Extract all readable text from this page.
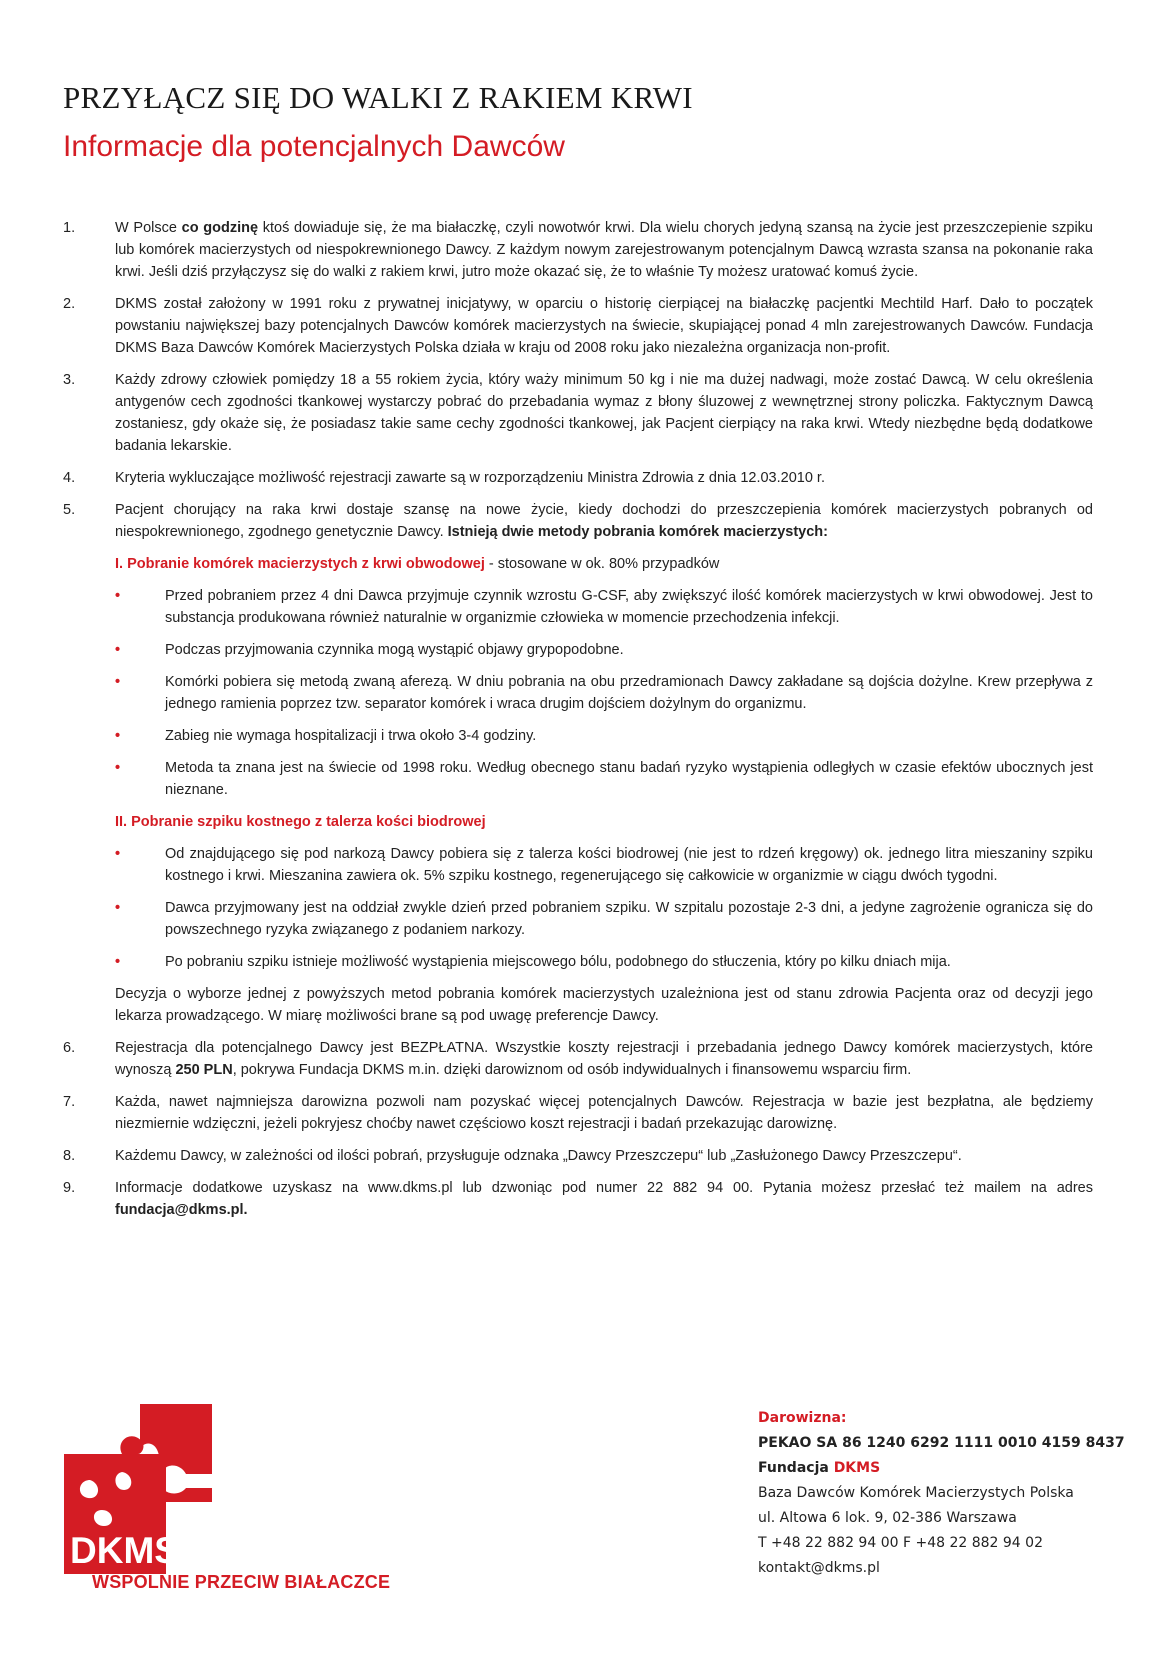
PRZYŁĄCZ SIĘ DO WALKI Z RAKIEM KRWI
Informacje dla potencjalnych Dawców
1.	W Polsce co godzinę ktoś dowiaduje się, że ma białaczkę, czyli nowotwór krwi. Dla wielu chorych jedyną szansą na życie jest przeszczepienie szpiku lub komórek macierzystych od niespokrewnionego Dawcy. Z każdym nowym zarejestrowanym potencjalnym Dawcą wzrasta szansa na pokonanie raka krwi. Jeśli dziś przyłączysz się do walki z rakiem krwi, jutro może okazać się, że to właśnie Ty możesz uratować komuś życie.

2.	DKMS został założony w 1991 roku z prywatnej inicjatywy, w oparciu o historię cierpiącej na białaczkę pacjentki Mechtild Harf. Dało to początek powstaniu największej bazy potencjalnych Dawców komórek macierzystych na świecie, skupiającej ponad 4 mln zarejestrowanych Dawców. Fundacja DKMS Baza Dawców Komórek Macierzystych Polska działa w kraju od 2008 roku jako niezależna organizacja non-profit.

3.	Każdy zdrowy człowiek pomiędzy 18 a 55 rokiem życia, który waży minimum 50 kg i nie ma dużej nadwagi, może zostać Dawcą. W celu określenia antygenów cech zgodności tkankowej wystarczy pobrać do przebadania wymaz z błony śluzowej z wewnętrznej strony policzka. Faktycznym Dawcą zostaniesz, gdy okaże się, że posiadasz takie same cechy zgodności tkankowej, jak Pacjent cierpiący na raka krwi. Wtedy niezbędne będą dodatkowe badania lekarskie.

4.	Kryteria wykluczające możliwość rejestracji zawarte są w rozporządzeniu Ministra Zdrowia z dnia 12.03.2010 r.

5.	Pacjent chorujący na raka krwi dostaje szansę na nowe życie, kiedy dochodzi do przeszczepienia komórek macierzystych pobranych od niespokrewnionego, zgodnego genetycznie Dawcy. Istnieją dwie metody pobrania komórek macierzystych:

I. Pobranie komórek macierzystych z krwi obwodowej - stosowane w ok. 80% przypadków
•	Przed pobraniem przez 4 dni Dawca przyjmuje czynnik wzrostu G-CSF, aby zwiększyć ilość komórek macierzystych w krwi obwodowej. Jest to substancja produkowana również naturalnie w organizmie człowieka w momencie przechodzenia infekcji.
•	Podczas przyjmowania czynnika mogą wystąpić objawy grypopodobne.
•	Komórki pobiera się metodą zwaną aferezą. W dniu pobrania na obu przedramionach Dawcy zakładane są dojścia dożylne. Krew przepływa z jednego ramienia poprzez tzw. separator komórek i wraca drugim dojściem dożylnym do organizmu.
•	Zabieg nie wymaga hospitalizacji i trwa około 3-4 godziny.
•	Metoda ta znana jest na świecie od 1998 roku. Według obecnego stanu badań ryzyko wystąpienia odległych w czasie efektów ubocznych jest nieznane.
II. Pobranie szpiku kostnego z talerza kości biodrowej
•	Od znajdującego się pod narkozą Dawcy pobiera się z talerza kości biodrowej (nie jest to rdzeń kręgowy) ok. jednego litra mieszaniny szpiku kostnego i krwi. Mieszanina zawiera ok. 5% szpiku kostnego, regenerującego się całkowicie w organizmie w ciągu dwóch tygodni.
•	Dawca przyjmowany jest na oddział zwykle dzień przed pobraniem szpiku. W szpitalu pozostaje 2-3 dni, a jedyne zagrożenie ogranicza się do powszechnego ryzyka związanego z podaniem narkozy.
•	Po pobraniu szpiku istnieje możliwość wystąpienia miejscowego bólu, podobnego do stłuczenia, który po kilku dniach mija.

Decyzja o wyborze jednej z powyższych metod pobrania komórek macierzystych uzależniona jest od stanu zdrowia Pacjenta oraz od decyzji jego lekarza prowadzącego. W miarę możliwości brane są pod uwagę preferencje Dawcy.

6.	Rejestracja dla potencjalnego Dawcy jest BEZPŁATNA. Wszystkie koszty rejestracji i przebadania jednego Dawcy komórek macierzystych, które wynoszą 250 PLN, pokrywa Fundacja DKMS m.in. dzięki darowiznom od osób indywidualnych i finansowemu wsparciu firm.

7.	Każda, nawet najmniejsza darowizna pozwoli nam pozyskać więcej potencjalnych Dawców. Rejestracja w bazie jest bezpłatna, ale będziemy niezmiernie wdzięczni, jeżeli pokryjesz choćby nawet częściowo koszt rejestracji i badań przekazując darowiznę.

8.	Każdemu Dawcy, w zależności od ilości pobrań, przysługuje odznaka „Dawcy Przeszczepu“ lub „Zasłużonego Dawcy Przeszczepu“.

9.	Informacje dodatkowe uzyskasz na www.dkms.pl lub dzwoniąc pod numer 22 882 94 00. Pytania możesz przesłać też mailem na adres fundacja@dkms.pl.

DKMS

WSPÓLNIE PRZECIW BIAŁACZCE

Darowizna:
PEKAO SA 86 1240 6292 1111 0010 4159 8437
Fundacja DKMS
Baza Dawców Komórek Macierzystych Polska
ul. Altowa 6 lok. 9, 02-386 Warszawa
T +48 22 882 94 00 F +48 22 882 94 02
kontakt@dkms.pl
